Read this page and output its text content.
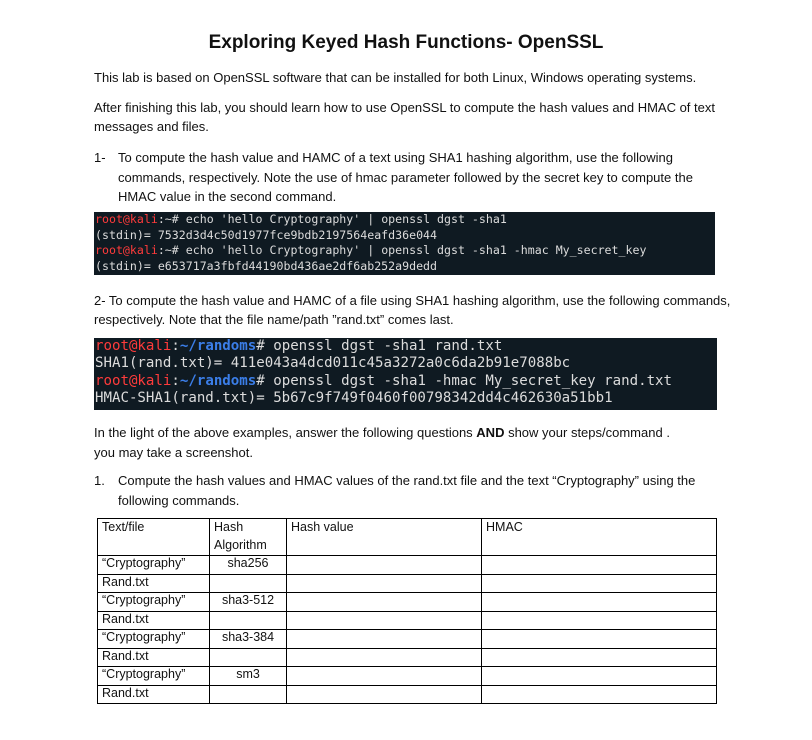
Exploring Keyed Hash Functions- OpenSSL
This lab is based on OpenSSL software that can be installed for both Linux, Windows operating systems.
After finishing this lab, you should learn how to use OpenSSL to compute the hash values and HMAC of text messages and files.
1- To compute the hash value and HAMC of a text using SHA1 hashing algorithm, use the following commands, respectively. Note the use of hmac parameter followed by the secret key to compute the HMAC value in the second command.
root@kali:~# echo 'hello Cryptography' | openssl dgst -sha1
(stdin)= 7532d3d4c50d1977fce9bdb2197564eafd36e044
root@kali:~# echo 'hello Cryptography' | openssl dgst -sha1 -hmac My_secret_key
(stdin)= e653717a3fbfd44190bd436ae2df6ab252a9dedd
2- To compute the hash value and HAMC of a file using SHA1 hashing algorithm, use the following commands, respectively. Note that the file name/path ”rand.txt” comes last.
root@kali:~/randoms# openssl dgst -sha1 rand.txt
SHA1(rand.txt)= 411e043a4dcd011c45a3272a0c6da2b91e7088bc
root@kali:~/randoms# openssl dgst -sha1 -hmac My_secret_key rand.txt
HMAC-SHA1(rand.txt)= 5b67c9f749f0460f00798342dd4c462630a51bb1
In the light of the above examples, answer the following questions AND show your steps/command .
you may take a screenshot.
1. Compute the hash values and HMAC values of the rand.txt file and the text “Cryptography” using the following commands.
Text/file	Hash Algorithm	Hash value	HMAC
“Cryptography”	sha256		
Rand.txt			
“Cryptography”	sha3-512		
Rand.txt			
“Cryptography”	sha3-384		
Rand.txt			
“Cryptography”	sm3		
Rand.txt			
